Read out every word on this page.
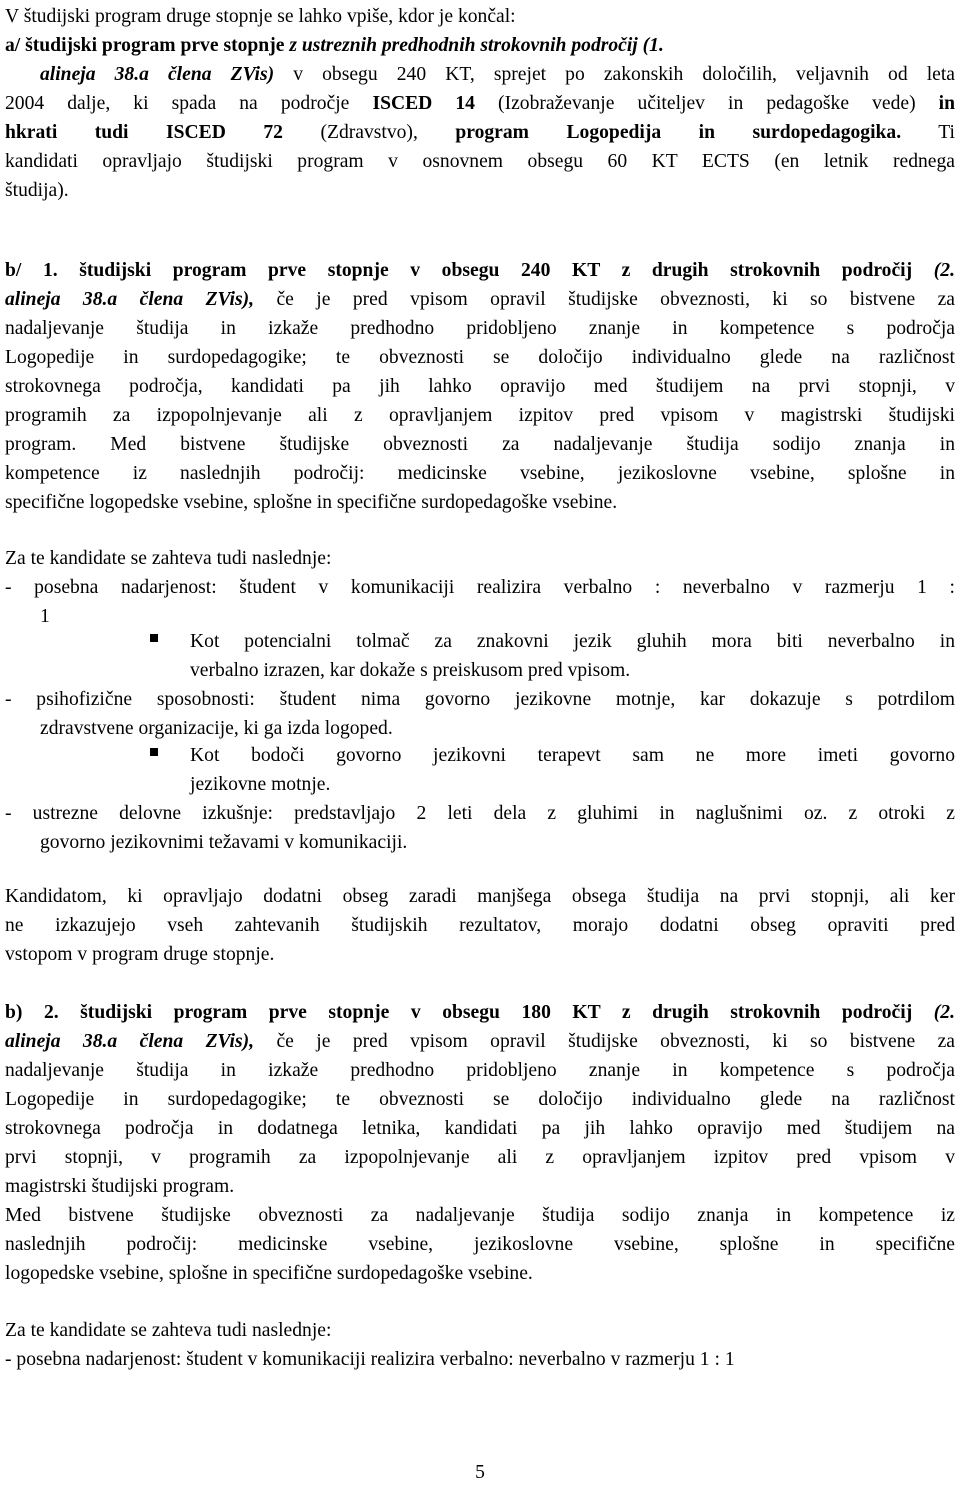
V študijski program druge stopnje se lahko vpiše, kdor je končal:
a/ študijski program prve stopnje z ustreznih predhodnih strokovnih področij (1.
alineja 38.a člena ZVis) v obsegu 240 KT, sprejet po zakonskih določilih, veljavnih od leta
2004 dalje, ki spada na področje ISCED 14 (Izobraževanje učiteljev in pedagoške vede) in
hkrati tudi ISCED 72 (Zdravstvo), program Logopedija in surdopedagogika. Ti
kandidati opravljajo študijski program v osnovnem obsegu 60 KT ECTS (en letnik rednega
študija).
b/ 1. študijski program prve stopnje v obsegu 240 KT z drugih strokovnih področij (2.
alineja 38.a člena ZVis), če je pred vpisom opravil študijske obveznosti, ki so bistvene za
nadaljevanje študija in izkaže predhodno pridobljeno znanje in kompetence s področja
Logopedije in surdopedagogike; te obveznosti se določijo individualno glede na različnost
strokovnega področja, kandidati pa jih lahko opravijo med študijem na prvi stopnji, v
programih za izpopolnjevanje ali z opravljanjem izpitov pred vpisom v magistrski študijski
program. Med bistvene študijske obveznosti za nadaljevanje študija sodijo znanja in
kompetence iz naslednjih področij: medicinske vsebine, jezikoslovne vsebine, splošne in
specifične logopedske vsebine, splošne in specifične surdopedagoške vsebine.
Za te kandidate se zahteva tudi naslednje:
- posebna nadarjenost: študent v komunikaciji realizira verbalno : neverbalno v razmerju 1 :
1
Kot potencialni tolmač za znakovni jezik gluhih mora biti neverbalno in
verbalno izrazen, kar dokaže s preiskusom pred vpisom.
- psihofizične sposobnosti: študent nima govorno jezikovne motnje, kar dokazuje s potrdilom
zdravstvene organizacije, ki ga izda logoped.
Kot bodoči govorno jezikovni terapevt sam ne more imeti govorno
jezikovne motnje.
- ustrezne delovne izkušnje: predstavljajo 2 leti dela z gluhimi in naglušnimi oz. z otroki z
govorno jezikovnimi težavami v komunikaciji.
Kandidatom, ki opravljajo dodatni obseg zaradi manjšega obsega študija na prvi stopnji, ali ker
ne izkazujejo vseh zahtevanih študijskih rezultatov, morajo dodatni obseg opraviti pred
vstopom v program druge stopnje.
b) 2. študijski program prve stopnje v obsegu 180 KT z drugih strokovnih področij (2.
alineja 38.a člena ZVis), če je pred vpisom opravil študijske obveznosti, ki so bistvene za
nadaljevanje študija in izkaže predhodno pridobljeno znanje in kompetence s področja
Logopedije in surdopedagogike; te obveznosti se določijo individualno glede na različnost
strokovnega področja in dodatnega letnika, kandidati pa jih lahko opravijo med študijem na
prvi stopnji, v programih za izpopolnjevanje ali z opravljanjem izpitov pred vpisom v
magistrski študijski program.
Med bistvene študijske obveznosti za nadaljevanje študija sodijo znanja in kompetence iz
naslednjih področij: medicinske vsebine, jezikoslovne vsebine, splošne in specifične
logopedske vsebine, splošne in specifične surdopedagoške vsebine.
Za te kandidate se zahteva tudi naslednje:
- posebna nadarjenost: študent v komunikaciji realizira verbalno: neverbalno v razmerju 1 : 1
5
